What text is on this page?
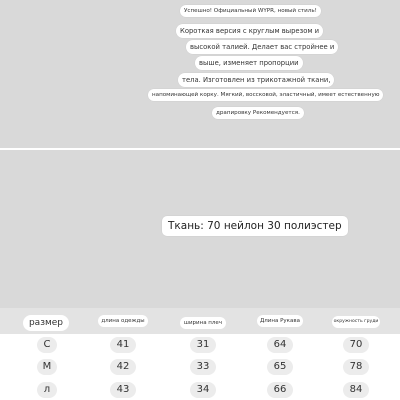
Успешно! Официальный WYPR, новый стиль!
Короткая версия с круглым вырезом и
высокой талией. Делает вас стройнее и
выше, изменяет пропорции
тела. Изготовлен из трикотажной ткани,
напоминающей корку. Мягкий, воссковой, эластичный, имеет естественную
драпировку Рекомендуется.
Ткань: 70 нейлон 30 полиэстер
размер	длина одежды	ширина плеч	Длина Рукава	окружность груди
C	41	31	64	70
M	42	33	65	78
л	43	34	66	84
